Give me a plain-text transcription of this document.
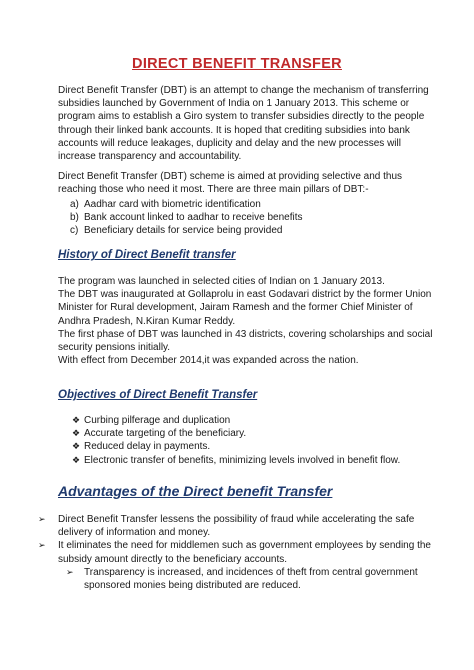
DIRECT BENEFIT TRANSFER
Direct Benefit Transfer (DBT) is an attempt to change the mechanism of transferring
subsidies launched by Government of India on 1 January 2013. This scheme or
program aims to establish a Giro system to transfer subsidies directly to the people
through their linked bank accounts. It is hoped that crediting subsidies into bank
accounts will reduce leakages, duplicity and delay and the new processes will
increase transparency and accountability.
Direct Benefit Transfer (DBT) scheme is aimed at providing selective and thus
reaching those who need it most. There are three main pillars of DBT:-
a) Aadhar card with biometric identification
b) Bank account linked to aadhar to receive benefits
c) Beneficiary details for service being provided
History of Direct Benefit transfer
The program was launched in selected cities of Indian on 1 January 2013.
The DBT was inaugurated at Gollaprolu in east Godavari district by the former Union
Minister for Rural development, Jairam Ramesh and the former Chief Minister of
Andhra Pradesh, N.Kiran Kumar Reddy.
The first phase of DBT was launched in 43 districts, covering scholarships and social
security pensions initially.
With effect from December 2014,it was expanded across the nation.
Objectives of Direct Benefit Transfer
❖ Curbing pilferage and duplication
❖ Accurate targeting of the beneficiary.
❖ Reduced delay in payments.
❖ Electronic transfer of benefits, minimizing levels involved in benefit flow.
Advantages of the Direct benefit Transfer
➢ Direct Benefit Transfer lessens the possibility of fraud while accelerating the safe
delivery of information and money.
➢ It eliminates the need for middlemen such as government employees by sending the
subsidy amount directly to the beneficiary accounts.
➢ Transparency is increased, and incidences of theft from central government
sponsored monies being distributed are reduced.
